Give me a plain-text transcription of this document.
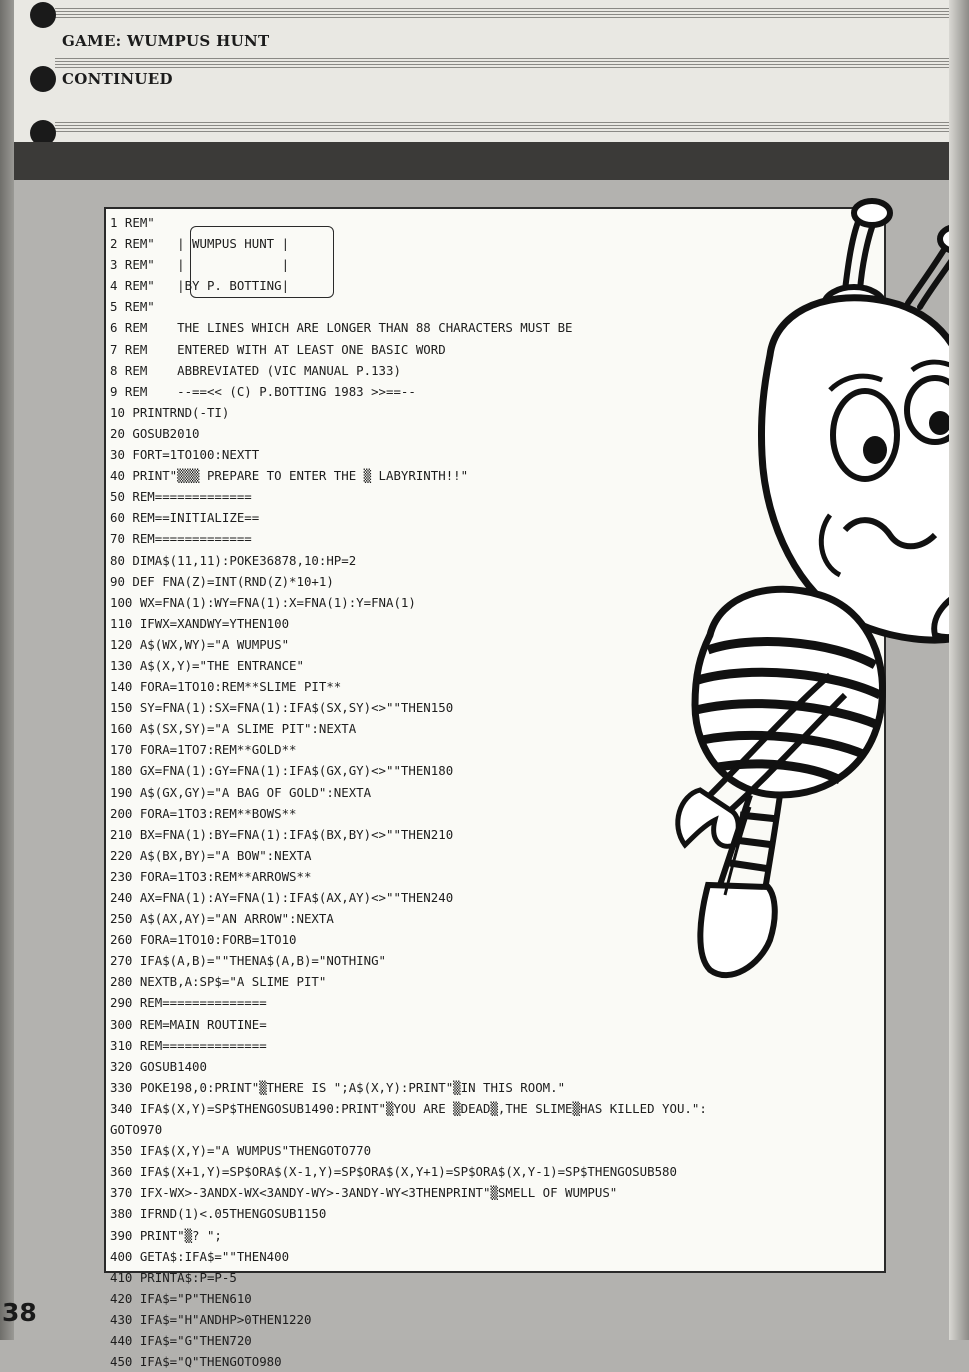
GAME: WUMPUS HUNT
CONTINUED
1 REM"
2 REM"   | WUMPUS HUNT |
3 REM"   |             |
4 REM"   |BY P. BOTTING|
5 REM"
6 REM    THE LINES WHICH ARE LONGER THAN 88 CHARACTERS MUST BE
7 REM    ENTERED WITH AT LEAST ONE BASIC WORD
8 REM    ABBREVIATED (VIC MANUAL P.133)
9 REM    --==<< (C) P.BOTTING 1983 >>==--
10 PRINTRND(-TI)
20 GOSUB2010
30 FORT=1TO100:NEXTT
40 PRINT"▒▒▒ PREPARE TO ENTER THE ▒ LABYRINTH!!"
50 REM=============
60 REM==INITIALIZE==
70 REM=============
80 DIMA$(11,11):POKE36878,10:HP=2
90 DEF FNA(Z)=INT(RND(Z)*10+1)
100 WX=FNA(1):WY=FNA(1):X=FNA(1):Y=FNA(1)
110 IFWX=XANDWY=YTHEN100
120 A$(WX,WY)="A WUMPUS"
130 A$(X,Y)="THE ENTRANCE"
140 FORA=1TO10:REM**SLIME PIT**
150 SY=FNA(1):SX=FNA(1):IFA$(SX,SY)<>""THEN150
160 A$(SX,SY)="A SLIME PIT":NEXTA
170 FORA=1TO7:REM**GOLD**
180 GX=FNA(1):GY=FNA(1):IFA$(GX,GY)<>""THEN180
190 A$(GX,GY)="A BAG OF GOLD":NEXTA
200 FORA=1TO3:REM**BOWS**
210 BX=FNA(1):BY=FNA(1):IFA$(BX,BY)<>""THEN210
220 A$(BX,BY)="A BOW":NEXTA
230 FORA=1TO3:REM**ARROWS**
240 AX=FNA(1):AY=FNA(1):IFA$(AX,AY)<>""THEN240
250 A$(AX,AY)="AN ARROW":NEXTA
260 FORA=1TO10:FORB=1TO10
270 IFA$(A,B)=""THENA$(A,B)="NOTHING"
280 NEXTB,A:SP$="A SLIME PIT"
290 REM==============
300 REM=MAIN ROUTINE=
310 REM==============
320 GOSUB1400
330 POKE198,0:PRINT"▒THERE IS ";A$(X,Y):PRINT"▒IN THIS ROOM."
340 IFA$(X,Y)=SP$THENGOSUB1490:PRINT"▒YOU ARE ▒DEAD▒,THE SLIME▒HAS KILLED YOU.":
GOTO970
350 IFA$(X,Y)="A WUMPUS"THENGOTO770
360 IFA$(X+1,Y)=SP$ORA$(X-1,Y)=SP$ORA$(X,Y+1)=SP$ORA$(X,Y-1)=SP$THENGOSUB580
370 IFX-WX>-3ANDX-WX<3ANDY-WY>-3ANDY-WY<3THENPRINT"▒SMELL OF WUMPUS"
380 IFRND(1)<.05THENGOSUB1150
390 PRINT"▒? ";
400 GETA$:IFA$=""THEN400
410 PRINTA$:P=P-5
420 IFA$="P"THEN610
430 IFA$="H"ANDHP>0THEN1220
440 IFA$="G"THEN720
450 IFA$="Q"THENGOTO980
38
